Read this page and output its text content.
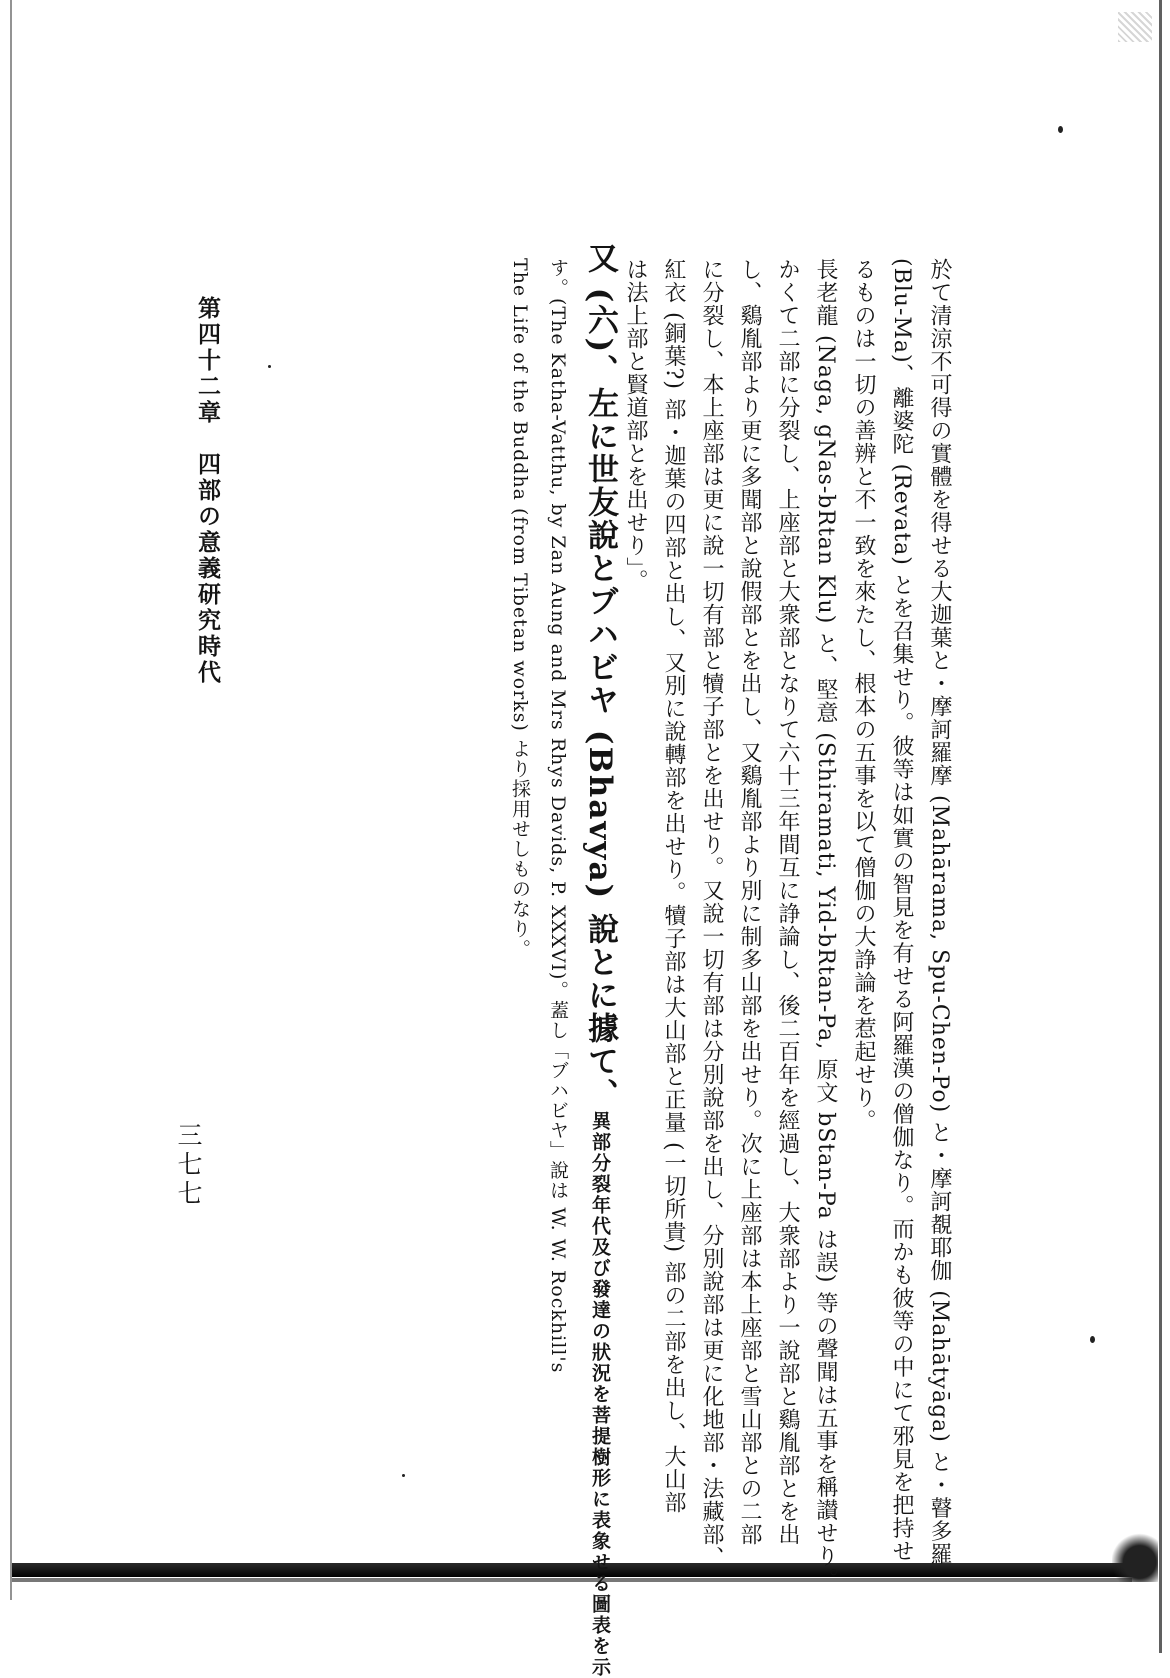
於て清涼不可得の實體を得せる大迦葉と・摩訶羅摩 (Mahārama, Spu-Chen-Po) と・摩訶覩耶伽 (Mahātyāga) と・瞽多羅
(Blu-Ma)、離婆陀 (Revata) とを召集せり。彼等は如實の智見を有せる阿羅漢の僧伽なり。而かも彼等の中にて邪見を把持せ
るものは一切の善辨と不一致を來たし、根本の五事を以て僧伽の大諍論を惹起せり。
長老龍 (Naga, gNas-bRtan Klu) と、堅意 (Sthiramati, Yid-bRtan-Pa, 原文 bStan-Pa は誤) 等の聲聞は五事を稱讃せり。
かくて二部に分裂し、上座部と大衆部となりて六十三年間互に諍論し、後二百年を經過し、大衆部より一說部と鷄胤部とを出
し、鷄胤部より更に多聞部と說假部とを出し、又鷄胤部より別に制多山部を出せり。次に上座部は本上座部と雪山部との二部
に分裂し、本上座部は更に說一切有部と犢子部とを出せり。又說一切有部は分別說部を出し、分別說部は更に化地部・法藏部、
紅衣 (銅葉?) 部・迦葉の四部と出し、又別に說轉部を出せり。犢子部は大山部と正量 (一切所貴) 部の二部を出し、大山部
は法上部と賢道部とを出せり」。
又 (六)、左に世友說とブハビヤ (Bhavya) 說とに據て、異部分裂年代及び發達の狀況を菩提樹形に表象せる圖表を示
す。(The Katha-Vatthu, by Zan Aung and Mrs Rhys Davids, P. XXXVI)。蓋し「ブハビヤ」說は W. W. Rockhill's
The Life of the Buddha (from Tibetan works) より採用せしものなり。
第四十二章　四部の意義研究時代
三七七
